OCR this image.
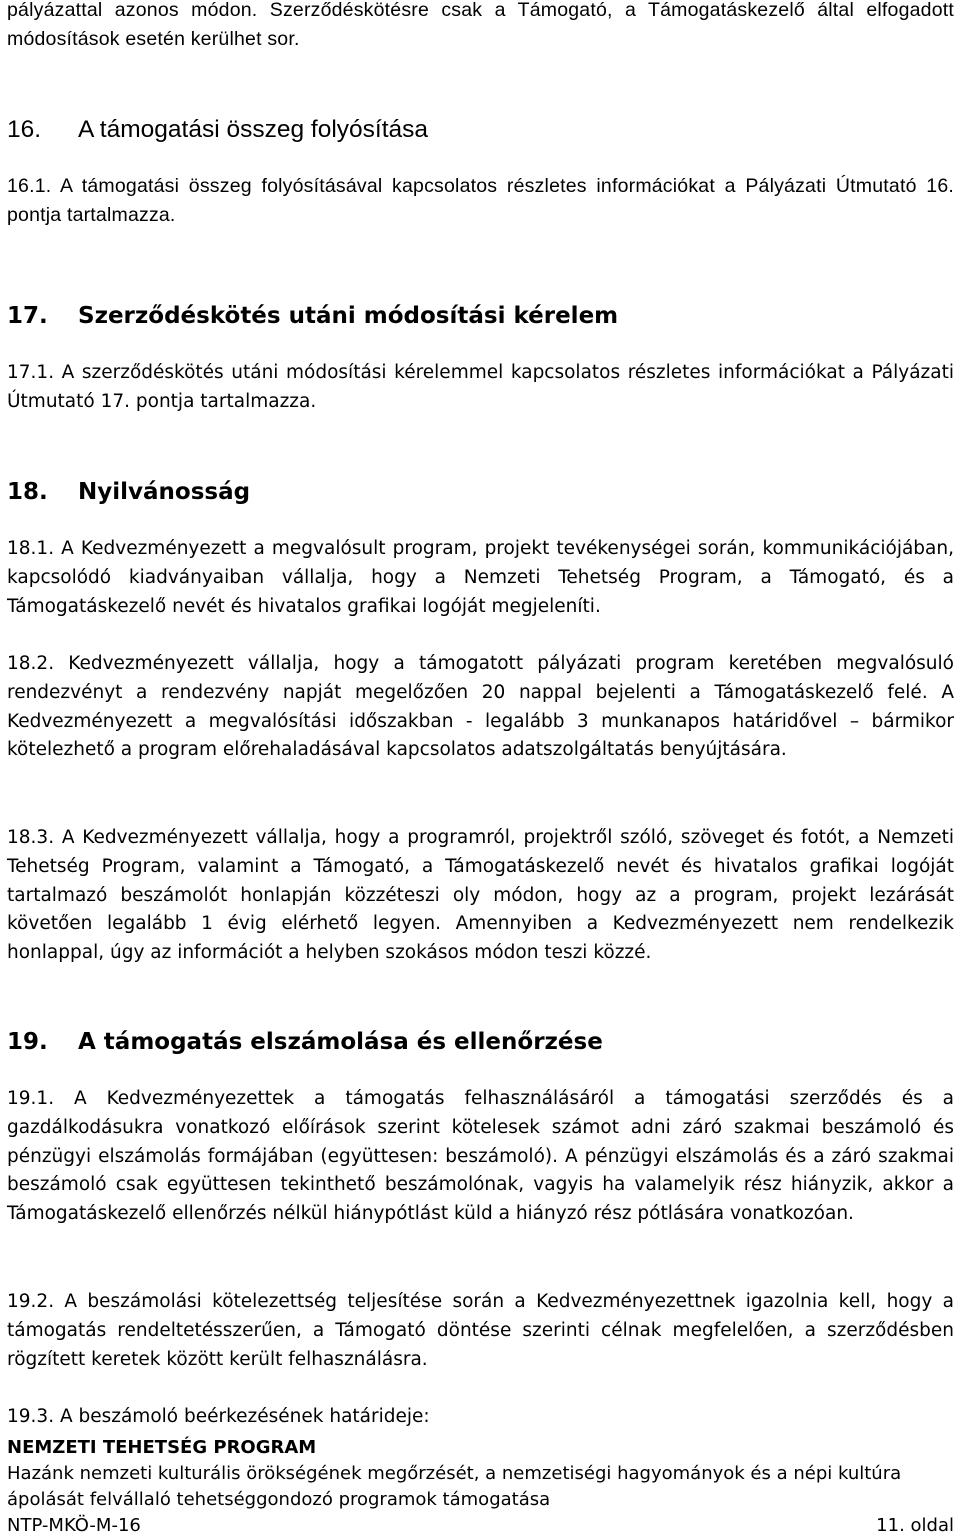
pályázattal azonos módon. Szerződéskötésre csak a Támogató, a Támogatáskezelő által elfogadott módosítások esetén kerülhet sor.

16. A támogatási összeg folyósítása

16.1. A támogatási összeg folyósításával kapcsolatos részletes információkat a Pályázati Útmutató 16. pontja tartalmazza.

17. Szerződéskötés utáni módosítási kérelem

17.1. A szerződéskötés utáni módosítási kérelemmel kapcsolatos részletes információkat a Pályázati Útmutató 17. pontja tartalmazza.

18. Nyilvánosság

18.1. A Kedvezményezett a megvalósult program, projekt tevékenységei során, kommunikációjában, kapcsolódó kiadványaiban vállalja, hogy a Nemzeti Tehetség Program, a Támogató, és a Támogatáskezelő nevét és hivatalos grafikai logóját megjeleníti.

18.2. Kedvezményezett vállalja, hogy a támogatott pályázati program keretében megvalósuló rendezvényt a rendezvény napját megelőzően 20 nappal bejelenti a Támogatáskezelő felé. A Kedvezményezett a megvalósítási időszakban - legalább 3 munkanapos határidővel – bármikor kötelezhető a program előrehaladásával kapcsolatos adatszolgáltatás benyújtására.

18.3. A Kedvezményezett vállalja, hogy a programról, projektről szóló, szöveget és fotót, a Nemzeti Tehetség Program, valamint a Támogató, a Támogatáskezelő nevét és hivatalos grafikai logóját tartalmazó beszámolót honlapján közzéteszi oly módon, hogy az a program, projekt lezárását követően legalább 1 évig elérhető legyen. Amennyiben a Kedvezményezett nem rendelkezik honlappal, úgy az információt a helyben szokásos módon teszi közzé.

19. A támogatás elszámolása és ellenőrzése

19.1. A Kedvezményezettek a támogatás felhasználásáról a támogatási szerződés és a gazdálkodásukra vonatkozó előírások szerint kötelesek számot adni záró szakmai beszámoló és pénzügyi elszámolás formájában (együttesen: beszámoló). A pénzügyi elszámolás és a záró szakmai beszámoló csak együttesen tekinthető beszámolónak, vagyis ha valamelyik rész hiányzik, akkor a Támogatáskezelő ellenőrzés nélkül hiánypótlást küld a hiányzó rész pótlására vonatkozóan.

19.2. A beszámolási kötelezettség teljesítése során a Kedvezményezettnek igazolnia kell, hogy a támogatás rendeltetésszerűen, a Támogató döntése szerinti célnak megfelelően, a szerződésben rögzített keretek között került felhasználásra.

19.3. A beszámoló beérkezésének határideje:

NEMZETI TEHETSÉG PROGRAM
Hazánk nemzeti kulturális örökségének megőrzését, a nemzetiségi hagyományok és a népi kultúra ápolását felvállaló tehetséggondozó programok támogatása
NTP-MKÖ-M-16	11. oldal
